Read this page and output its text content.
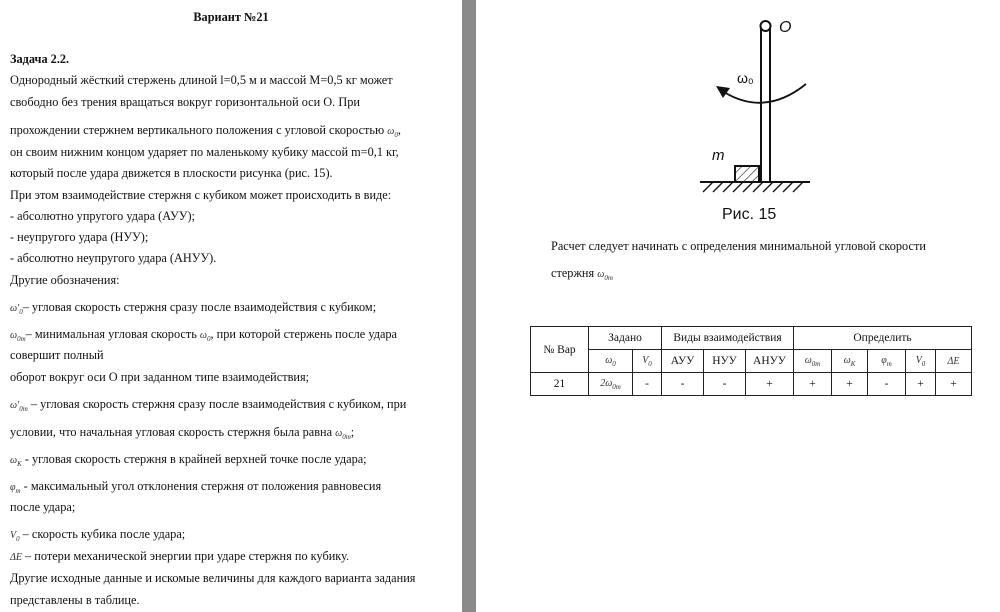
Вариант №21
Задача 2.2.
Однородный жёсткий стержень длиной l=0,5 м и массой M=0,5 кг может
свободно без трения вращаться вокруг горизонтальной оси О. При
прохождении стержнем вертикального положения с угловой скоростью $\omega_0$,
он своим нижним концом ударяет по маленькому кубику массой m=0,1 кг,
который после удара движется в плоскости рисунка (рис. 15).
При этом взаимодействие стержня с кубиком может происходить в виде:
- абсолютно упругого удара (АУУ);
- неупругого удара (НУУ);
- абсолютно неупругого удара (АНУУ).
Другие обозначения:
$\omega'_0-$ угловая скорость стержня сразу после взаимодействия с кубиком;
$\omega_{0m}-$ минимальная угловая скорость $\omega_0$, при которой стержень после удара
совершит полный
оборот вокруг оси О при заданном типе взаимодействия;
$\omega'_{0m}$ – угловая скорость стержня сразу после взаимодействия с кубиком, при
условии, что начальная угловая скорость стержня была равна $\omega_{0m}$;
$\omega_K$ - угловая скорость стержня в крайней верхней точке после удара;
$\varphi_m$ - максимальный угол отклонения стержня от положения равновесия
после удара;
$V_0$ – скорость кубика после удара;
ΔE – потери механической энергии при ударе стержня по кубику.
Другие исходные данные и искомые величины для каждого варианта задания
представлены в таблице.
O
ω₀
m
Рис. 15
Расчет следует начинать с определения минимальной угловой скорости
стержня $\omega_{0m}$
№ Вар	Задано		Виды взаимодействия			Определить				
	$\omega_0$	$V_0$	АУУ	НУУ	АНУУ	$\omega_{0m}$	$\omega_K$	$\varphi_m$	$V_0$	ΔE
21	$2\omega_{0m}$	-	-	-	+	+	+	-	+	+
